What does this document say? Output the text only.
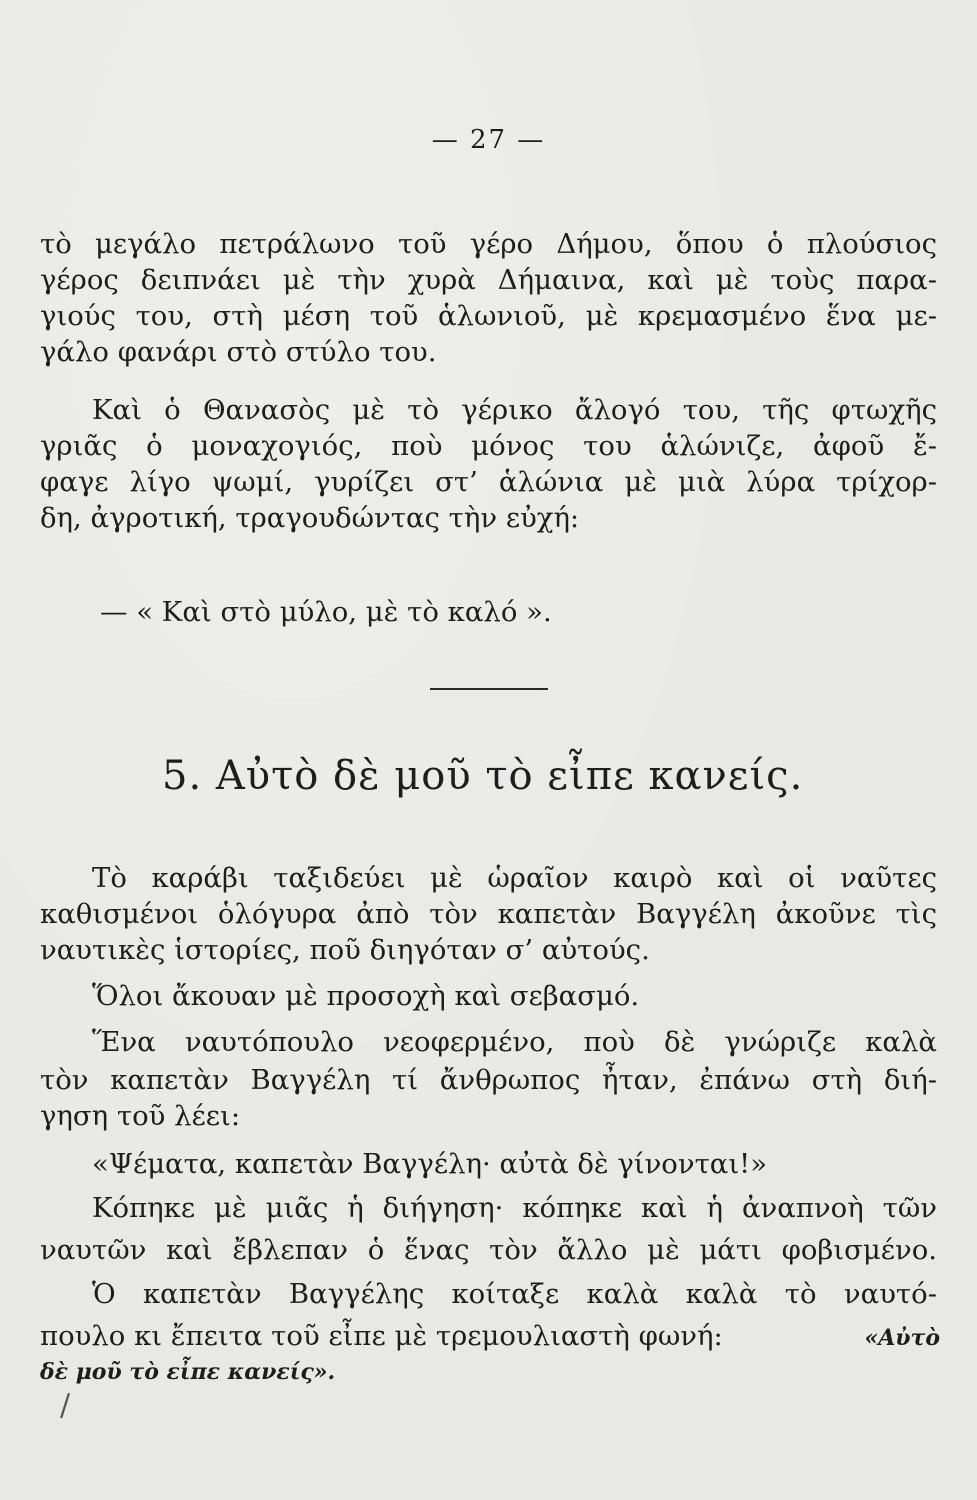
— 27 —
τὸ μεγάλο πετράλωνο τοῦ γέρο Δήμου, ὅπου ὁ πλούσιος
γέρος δειπνάει μὲ τὴν χυρὰ Δήμαινα, καὶ μὲ τοὺς παρα-
γιούς του, στὴ μέση τοῦ ἁλωνιοῦ, μὲ κρεμασμένο ἕνα με-
γάλο φανάρι στὸ στύλο του.
Καὶ ὁ Θανασὸς μὲ τὸ γέρικο ἄλογό του, τῆς φτωχῆς
γριᾶς ὁ μοναχογιός, ποὺ μόνος του ἁλώνιζε, ἀφοῦ ἔ-
φαγε λίγο ψωμί, γυρίζει στ’ ἁλώνια μὲ μιὰ λύρα τρίχορ-
δη, ἀγροτική, τραγουδώντας τὴν εὐχή:
— « Καὶ στὸ μύλο, μὲ τὸ καλό ».
5. Αὐτὸ δὲ μοῦ τὸ εἶπε κανείς.
Τὸ καράβι ταξιδεύει μὲ ὡραῖον καιρὸ καὶ οἱ ναῦτες
καθισμένοι ὁλόγυρα ἀπὸ τὸν καπετὰν Βαγγέλη ἀκοῦνε τὶς
ναυτικὲς ἱστορίες, ποῦ διηγόταν σ’ αὐτούς.
Ὅλοι ἄκουαν μὲ προσοχὴ καὶ σεβασμό.
Ἕνα ναυτόπουλο νεοφερμένο, ποὺ δὲ γνώριζε καλὰ
τὸν καπετὰν Βαγγέλη τί ἄνθρωπος ἦταν, ἐπάνω στὴ διή-
γηση τοῦ λέει:
«Ψέματα, καπετὰν Βαγγέλη· αὐτὰ δὲ γίνονται!»
Κόπηκε μὲ μιᾶς ἡ διήγηση· κόπηκε καὶ ἡ ἀναπνοὴ τῶν
ναυτῶν καὶ ἔβλεπαν ὁ ἕνας τὸν ἄλλο μὲ μάτι φοβισμένο.
Ὁ καπετὰν Βαγγέλης κοίταξε καλὰ καλὰ τὸ ναυτό-
πουλο κι ἔπειτα τοῦ εἶπε μὲ τρεμουλιαστὴ φωνή:	«Αὐτὸ
δὲ μοῦ τὸ εἶπε κανείς».
/
